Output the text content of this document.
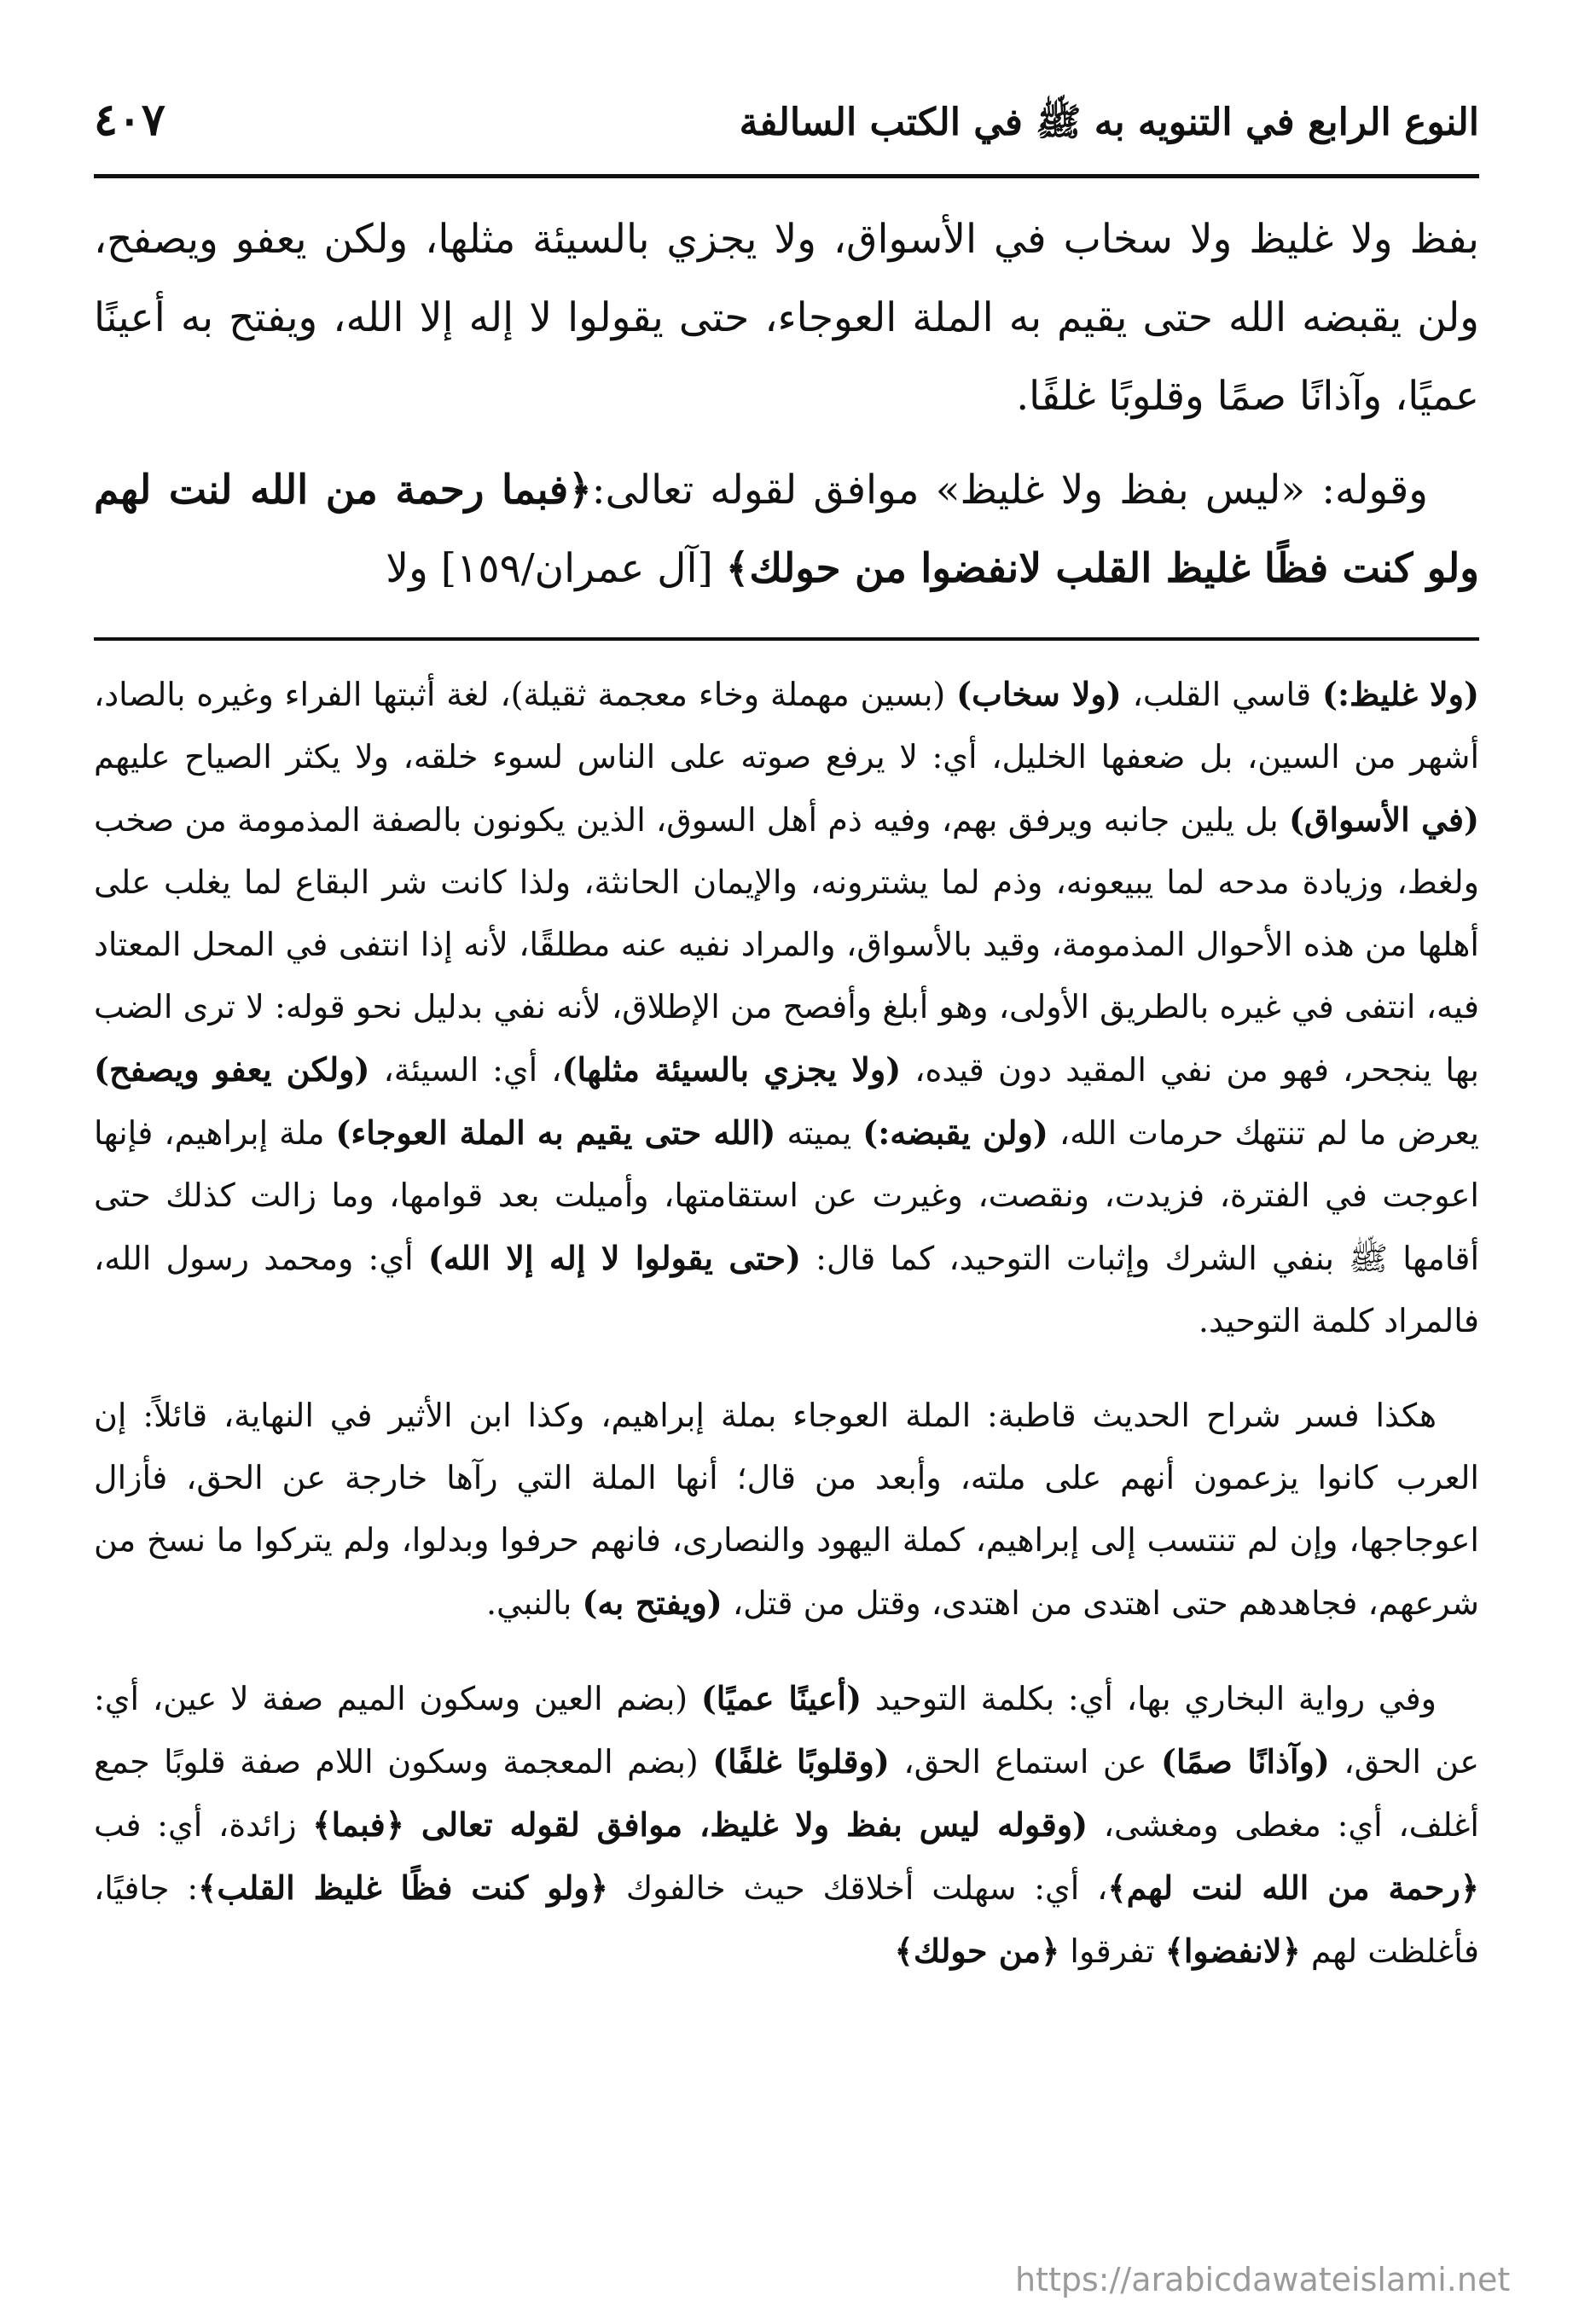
النوع الرابع في التنويه به ﷺ في الكتب السالفة
٤٠٧

بفظ ولا غليظ ولا سخاب في الأسواق، ولا يجزي بالسيئة مثلها، ولكن يعفو ويصفح، ولن يقبضه الله حتى يقيم به الملة العوجاء، حتى يقولوا لا إله إلا الله، ويفتح به أعينًا عميًا، وآذانًا صمًا وقلوبًا غلفًا.

وقوله: «ليس بفظ ولا غليظ» موافق لقوله تعالى:﴿فبما رحمة من الله لنت لهم ولو كنت فظًا غليظ القلب لانفضوا من حولك﴾ [آل عمران/١٥٩] ولا

(ولا غليظ:) قاسي القلب، (ولا سخاب) (بسين مهملة وخاء معجمة ثقيلة)، لغة أثبتها الفراء وغيره بالصاد، أشهر من السين، بل ضعفها الخليل، أي: لا يرفع صوته على الناس لسوء خلقه، ولا يكثر الصياح عليهم (في الأسواق) بل يلين جانبه ويرفق بهم، وفيه ذم أهل السوق، الذين يكونون بالصفة المذمومة من صخب ولغط، وزيادة مدحه لما يبيعونه، وذم لما يشترونه، والإيمان الحانثة، ولذا كانت شر البقاع لما يغلب على أهلها من هذه الأحوال المذمومة، وقيد بالأسواق، والمراد نفيه عنه مطلقًا، لأنه إذا انتفى في المحل المعتاد فيه، انتفى في غيره بالطريق الأولى، وهو أبلغ وأفصح من الإطلاق، لأنه نفي بدليل نحو قوله: لا ترى الضب بها ينجحر، فهو من نفي المقيد دون قيده، (ولا يجزي بالسيئة مثلها)، أي: السيئة، (ولكن يعفو ويصفح) يعرض ما لم تنتهك حرمات الله، (ولن يقبضه:) يميته (الله حتى يقيم به الملة العوجاء) ملة إبراهيم، فإنها اعوجت في الفترة، فزيدت، ونقصت، وغيرت عن استقامتها، وأميلت بعد قوامها، وما زالت كذلك حتى أقامها ﷺ بنفي الشرك وإثبات التوحيد، كما قال: (حتى يقولوا لا إله إلا الله) أي: ومحمد رسول الله، فالمراد كلمة التوحيد.

هكذا فسر شراح الحديث قاطبة: الملة العوجاء بملة إبراهيم، وكذا ابن الأثير في النهاية، قائلاً: إن العرب كانوا يزعمون أنهم على ملته، وأبعد من قال؛ أنها الملة التي رآها خارجة عن الحق، فأزال اعوجاجها، وإن لم تنتسب إلى إبراهيم، كملة اليهود والنصارى، فانهم حرفوا وبدلوا، ولم يتركوا ما نسخ من شرعهم، فجاهدهم حتى اهتدى من اهتدى، وقتل من قتل، (ويفتح به) بالنبي.

وفي رواية البخاري بها، أي: بكلمة التوحيد (أعينًا عميًا) (بضم العين وسكون الميم صفة لا عين، أي: عن الحق، (وآذانًا صمًا) عن استماع الحق، (وقلوبًا غلفًا) (بضم المعجمة وسكون اللام صفة قلوبًا جمع أغلف، أي: مغطى ومغشى، (وقوله ليس بفظ ولا غليظ، موافق لقوله تعالى ﴿فبما﴾ زائدة، أي: فب ﴿رحمة من الله لنت لهم﴾، أي: سهلت أخلاقك حيث خالفوك ﴿ولو كنت فظًا غليظ القلب﴾: جافيًا، فأغلظت لهم ﴿لانفضوا﴾ تفرقوا ﴿من حولك﴾

https://arabicdawateislami.net
